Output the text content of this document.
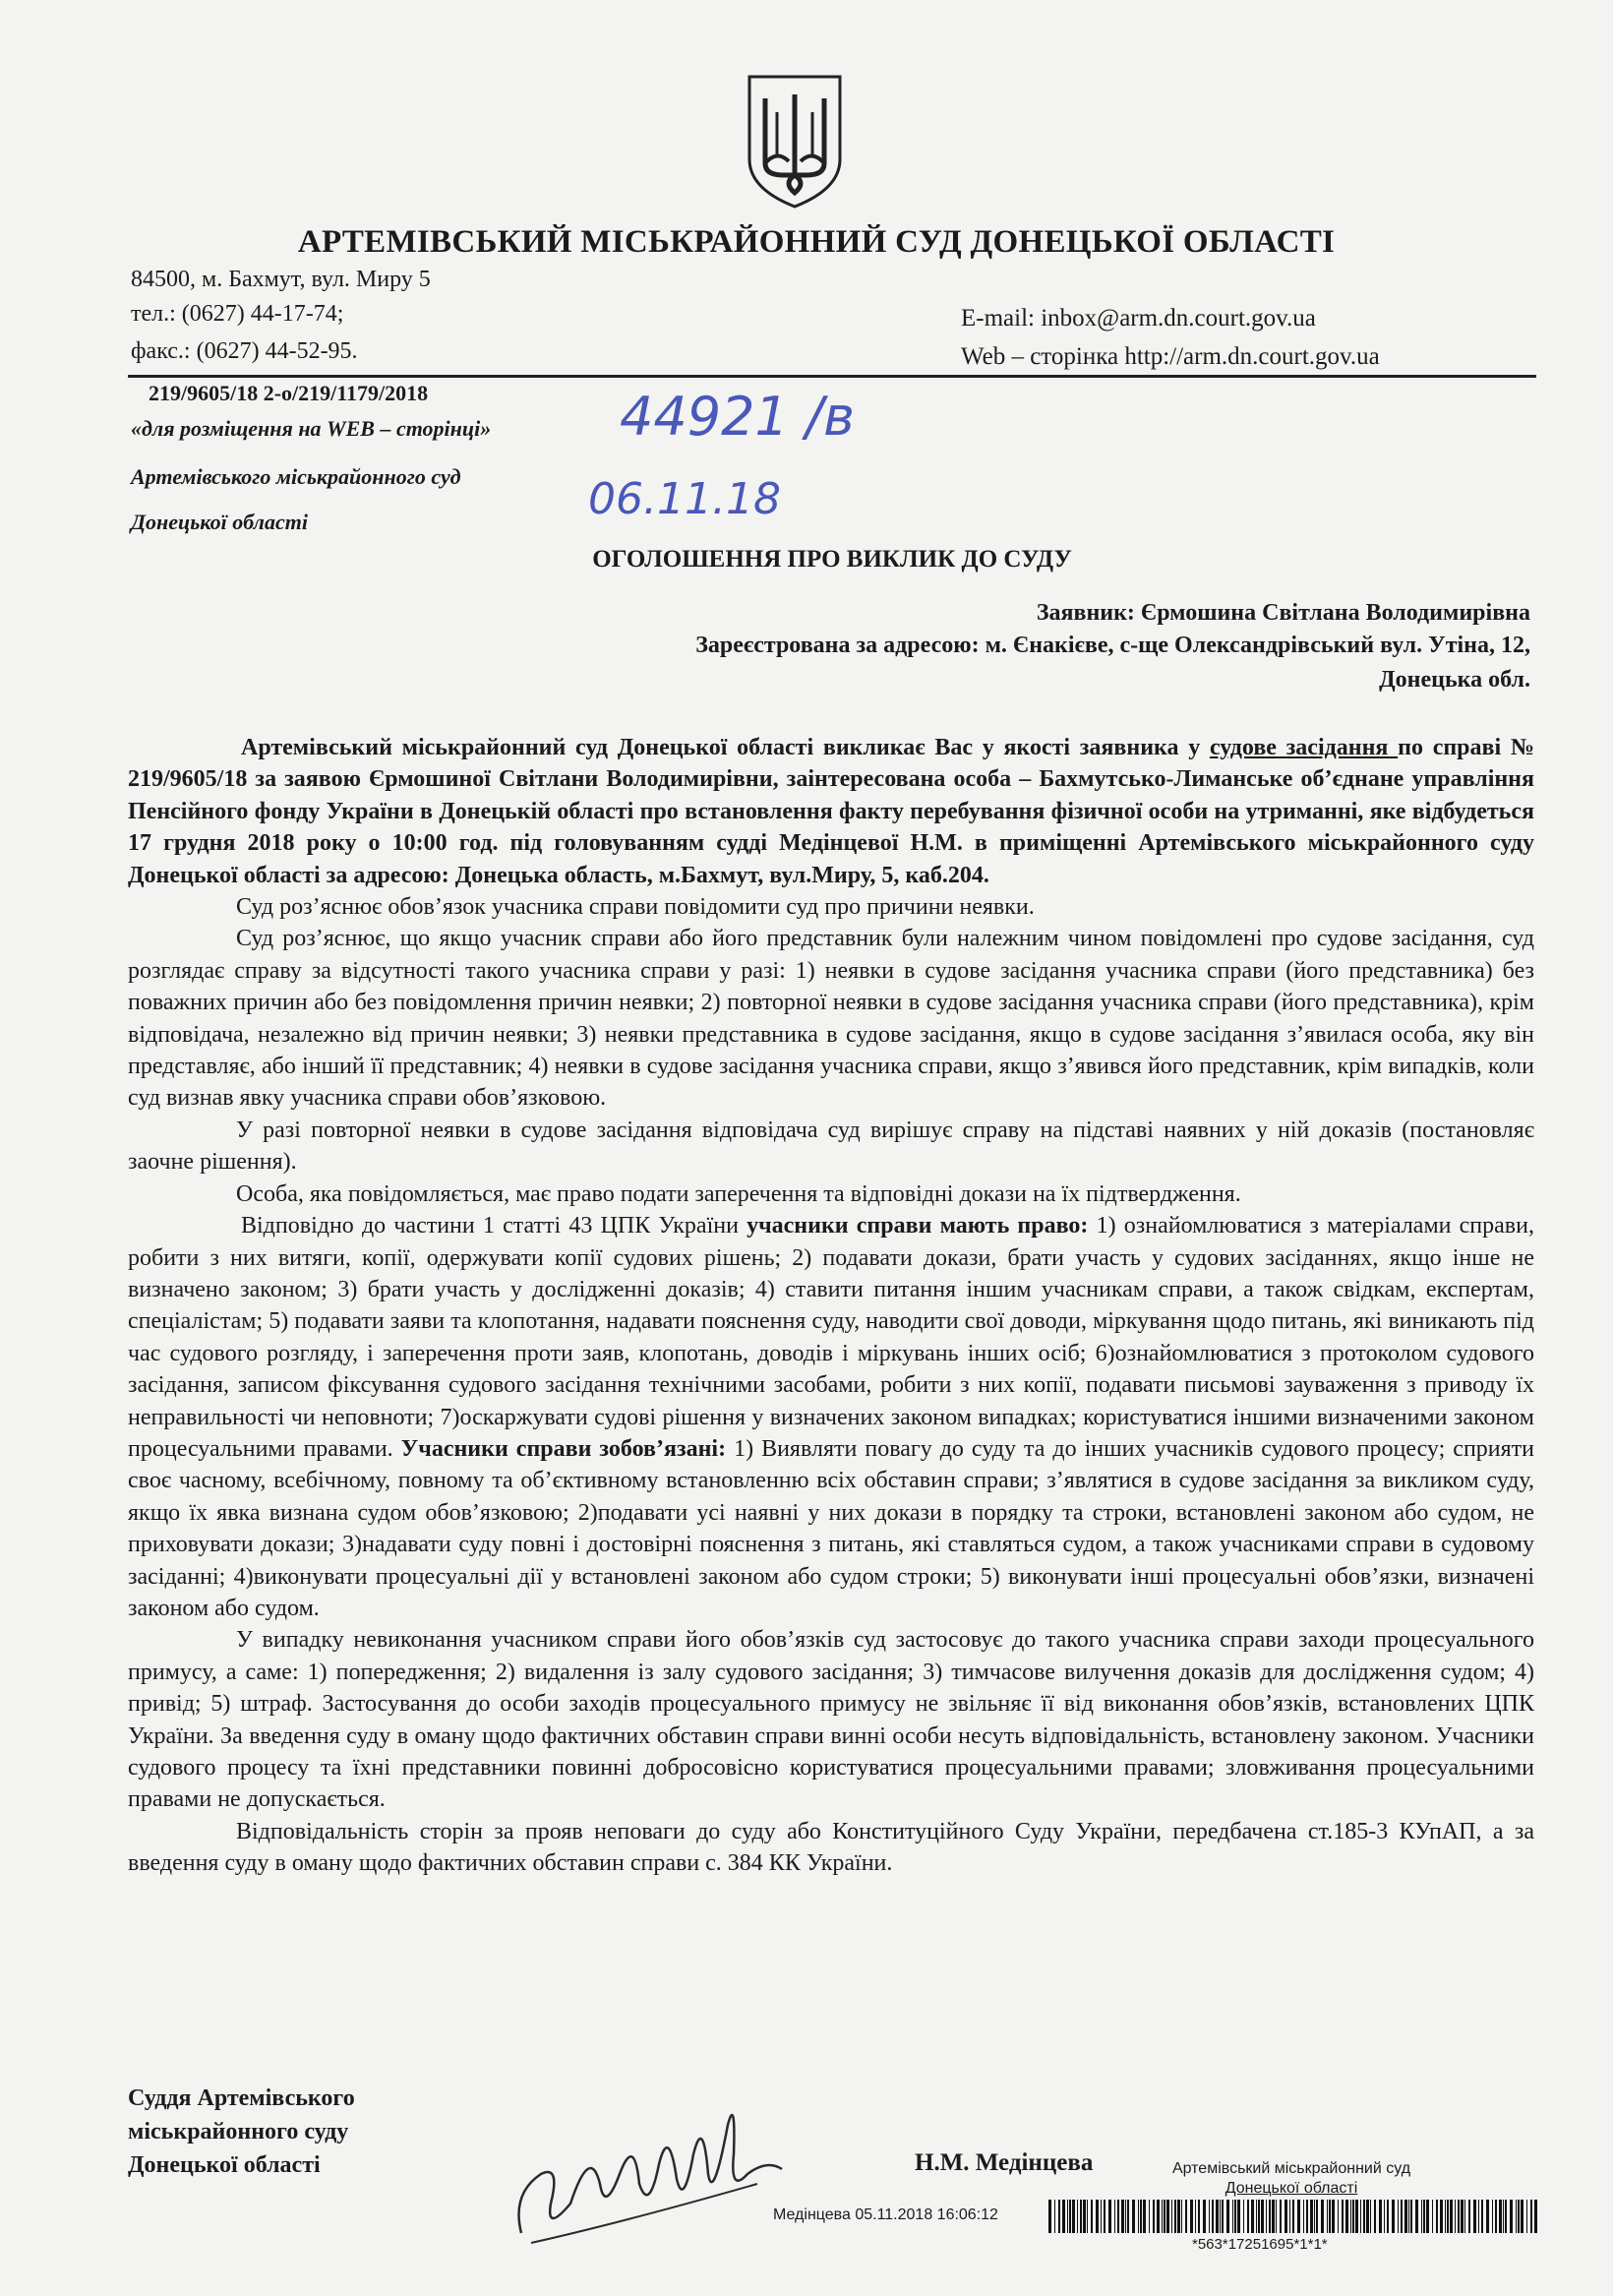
АРТЕМІВСЬКИЙ МІСЬКРАЙОННИЙ СУД ДОНЕЦЬКОЇ ОБЛАСТІ
84500, м. Бахмут, вул. Миру 5
тел.: (0627) 44-17-74;
факс.: (0627) 44-52-95.
E-mail: inbox@arm.dn.court.gov.ua
Web – сторінка http://arm.dn.court.gov.ua
219/9605/18 2-о/219/1179/2018
«для розміщення на WEB – сторінці»
Артемівського міськрайонного суд
Донецької області
44921 /в
06.11.18
ОГОЛОШЕННЯ ПРО ВИКЛИК ДО СУДУ
Заявник: Єрмошина Світлана Володимирівна
Зареєстрована за адресою: м. Єнакієве, с-ще Олександрівський вул. Утіна, 12,
Донецька обл.

Артемівський міськрайонний суд Донецької області викликає Вас у якості заявника у судове засідання по справі № 219/9605/18 за заявою Єрмошиної Світлани Володимирівни, заінтересована особа – Бахмутсько-Лиманське об’єднане управління Пенсійного фонду України в Донецькій області про встановлення факту перебування фізичної особи на утриманні, яке відбудеться 17 грудня 2018 року о 10:00 год. під головуванням судді Медінцевої Н.М. в приміщенні Артемівського міськрайонного суду Донецької області за адресою: Донецька область, м.Бахмут, вул.Миру, 5, каб.204.

Суд роз’яснює обов’язок учасника справи повідомити суд про причини неявки.

Суд роз’яснює, що якщо учасник справи або його представник були належним чином повідомлені про судове засідання, суд розглядає справу за відсутності такого учасника справи у разі: 1) неявки в судове засідання учасника справи (його представника) без поважних причин або без повідомлення причин неявки; 2) повторної неявки в судове засідання учасника справи (його представника), крім відповідача, незалежно від причин неявки; 3) неявки представника в судове засідання, якщо в судове засідання з’явилася особа, яку він представляє, або інший її представник; 4) неявки в судове засідання учасника справи, якщо з’явився його представник, крім випадків, коли суд визнав явку учасника справи обов’язковою.

У разі повторної неявки в судове засідання відповідача суд вирішує справу на підставі наявних у ній доказів (постановляє заочне рішення).

Особа, яка повідомляється, має право подати заперечення та відповідні докази на їх підтвердження.

Відповідно до частини 1 статті 43 ЦПК України учасники справи мають право: 1) ознайомлюватися з матеріалами справи, робити з них витяги, копії, одержувати копії судових рішень; 2) подавати докази, брати участь у судових засіданнях, якщо інше не визначено законом; 3) брати участь у дослідженні доказів; 4) ставити питання іншим учасникам справи, а також свідкам, експертам, спеціалістам; 5) подавати заяви та клопотання, надавати пояснення суду, наводити свої доводи, міркування щодо питань, які виникають під час судового розгляду, і заперечення проти заяв, клопотань, доводів і міркувань інших осіб; 6)ознайомлюватися з протоколом судового засідання, записом фіксування судового засідання технічними засобами, робити з них копії, подавати письмові зауваження з приводу їх неправильності чи неповноти; 7)оскаржувати судові рішення у визначених законом випадках; користуватися іншими визначеними законом процесуальними правами. Учасники справи зобов’язані: 1) Виявляти повагу до суду та до інших учасників судового процесу; сприяти своє часному, всебічному, повному та об’єктивному встановленню всіх обставин справи; з’являтися в судове засідання за викликом суду, якщо їх явка визнана судом обов’язковою; 2)подавати усі наявні у них докази в порядку та строки, встановлені законом або судом, не приховувати докази; 3)надавати суду повні і достовірні пояснення з питань, які ставляться судом, а також учасниками справи в судовому засіданні; 4)виконувати процесуальні дії у встановлені законом або судом строки; 5) виконувати інші процесуальні обов’язки, визначені законом або судом.

У випадку невиконання учасником справи його обов’язків суд застосовує до такого учасника справи заходи процесуального примусу, а саме: 1) попередження; 2) видалення із залу судового засідання; 3) тимчасове вилучення доказів для дослідження судом; 4) привід; 5) штраф. Застосування до особи заходів процесуального примусу не звільняє її від виконання обов’язків, встановлених ЦПК України. За введення суду в оману щодо фактичних обставин справи винні особи несуть відповідальність, встановлену законом. Учасники судового процесу та їхні представники повинні добросовісно користуватися процесуальними правами; зловживання процесуальними правами не допускається.

Відповідальність сторін за прояв неповаги до суду або Конституційного Суду України, передбачена ст.185-3 КУпАП, а за введення суду в оману щодо фактичних обставин справи с. 384 КК України.

Суддя Артемівського
міськрайонного суду
Донецької області	Н.М. Медінцева	Артемівський міськрайонний суд
Донецької області
Медінцева 05.11.2018 16:06:12
*563*17251695*1*1*
